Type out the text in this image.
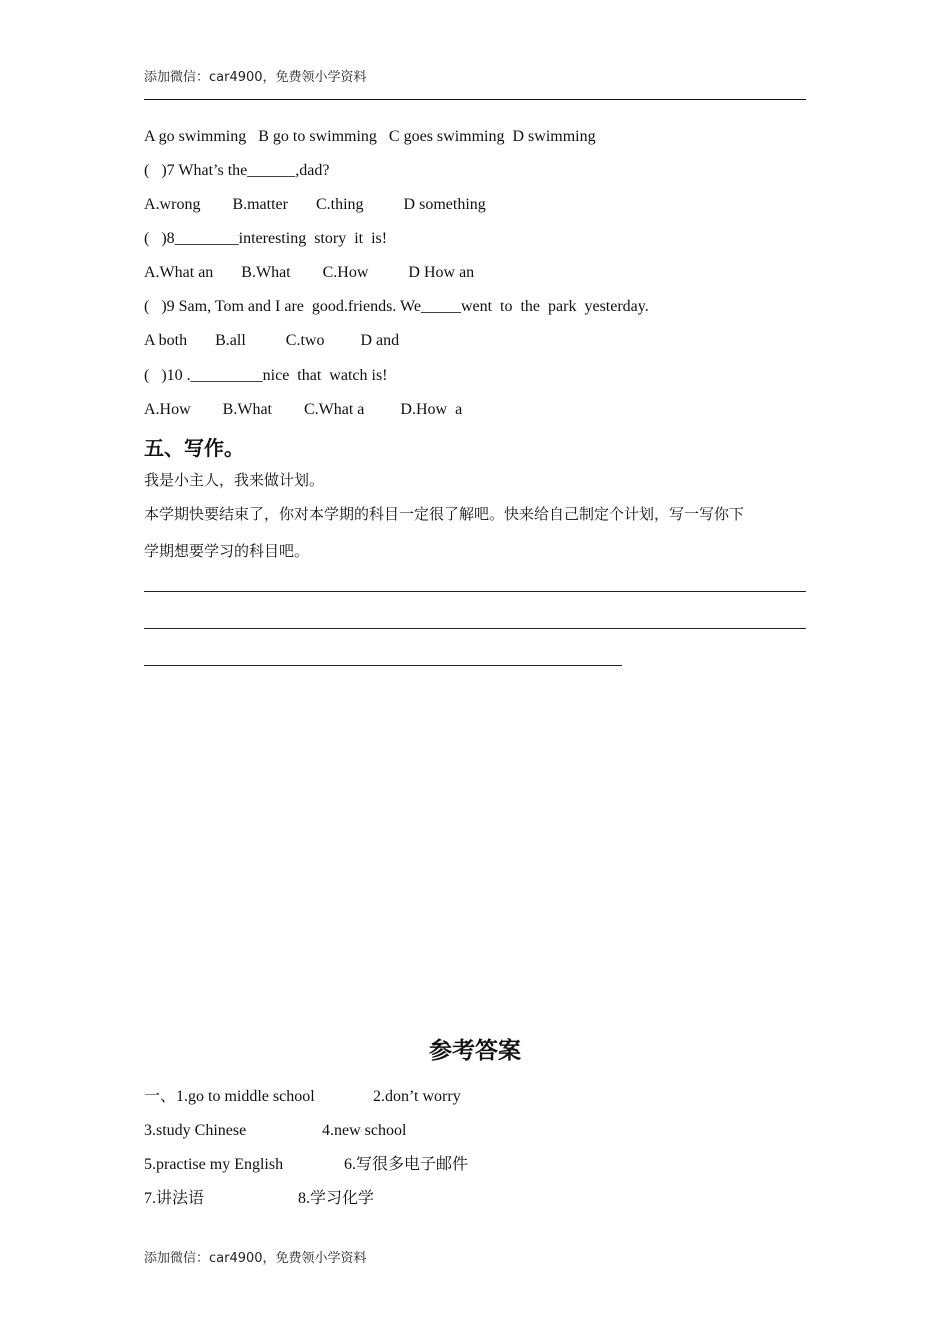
添加微信：car4900，免费领小学资料
A go swimming   B go to swimming   C goes swimming  D swimming
(   )7 What’s the______,dad?
A.wrong        B.matter       C.thing          D something
(   )8________interesting  story  it  is!
A.What an       B.What        C.How          D How an
(   )9 Sam, Tom and I are  good.friends. We_____went  to  the  park  yesterday.
A both       B.all          C.two         D and
(   )10 ._________nice  that  watch is!
A.How        B.What        C.What a         D.How  a
五、写作。
我是小主人，我来做计划。
本学期快要结束了，你对本学期的科目一定很了解吧。快来给自己制定个计划，写一写你下
学期想要学习的科目吧。
参考答案
一、1.go to middle school	2.don’t worry
3.study Chinese	4.new school
5.practise my English	6.写很多电子邮件
7.讲法语	8.学习化学
添加微信：car4900，免费领小学资料
